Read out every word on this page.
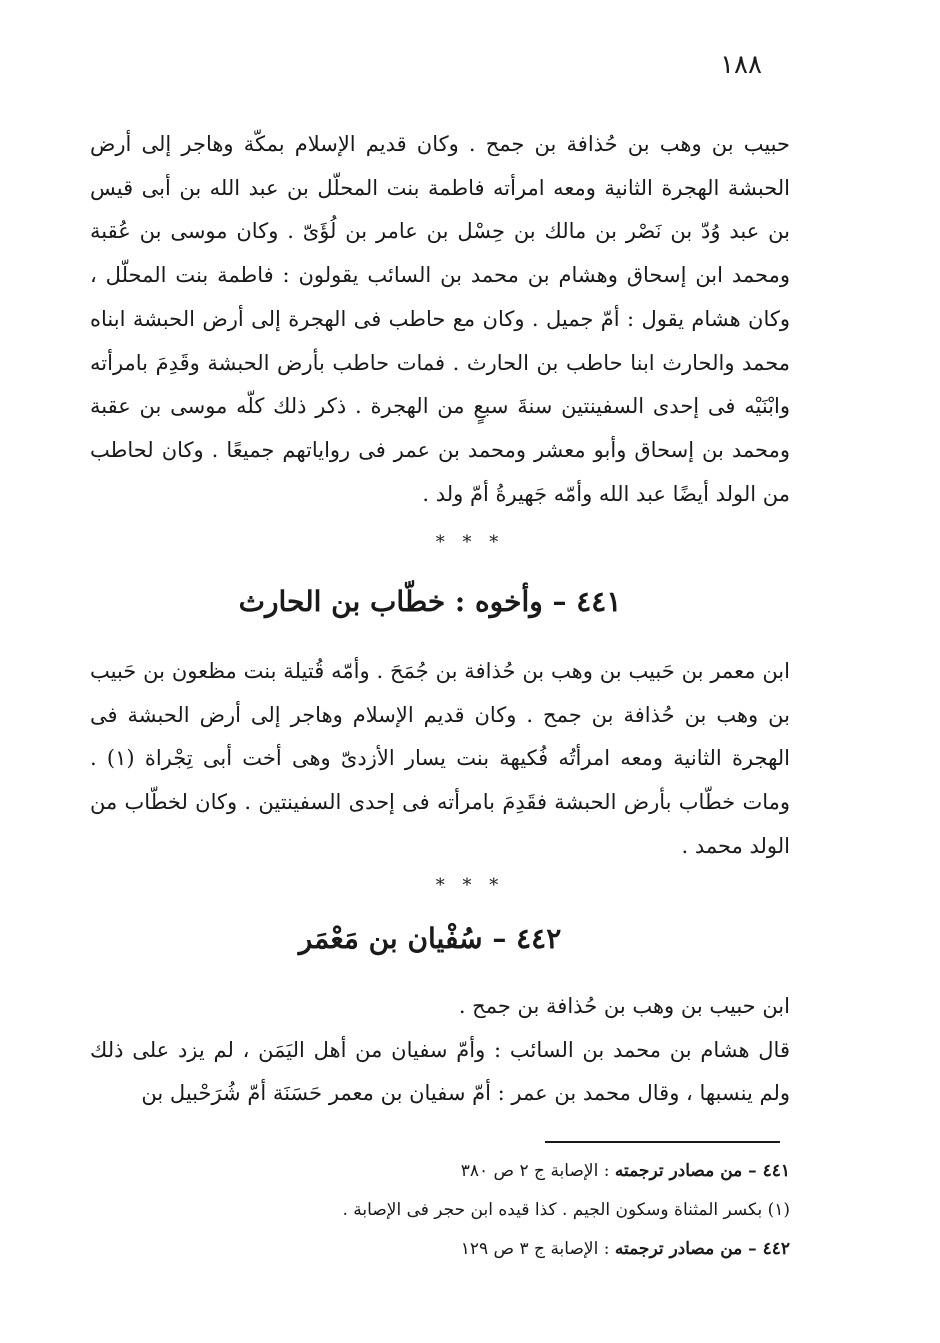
١٨٨

حبيب بن وهب بن حُذافة بن جمح . وكان قديم الإسلام بمكّة وهاجر إلى أرض الحبشة الهجرة الثانية ومعه امرأته فاطمة بنت المحلّل بن عبد الله بن أبى قيس بن عبد وُدّ بن نَصْر بن مالك بن حِسْل بن عامر بن لُؤَىّ . وكان موسى بن عُقبة ومحمد ابن إسحاق وهشام بن محمد بن السائب يقولون : فاطمة بنت المحلّل ، وكان هشام يقول : أمّ جميل . وكان مع حاطب فى الهجرة إلى أرض الحبشة ابناه محمد والحارث ابنا حاطب بن الحارث . فمات حاطب بأرض الحبشة وقَدِمَ بامرأته وابْنَيْه فى إحدى السفينتين سنةَ سبعٍ من الهجرة . ذكر ذلك كلّه موسى بن عقبة ومحمد بن إسحاق وأبو معشر ومحمد بن عمر فى رواياتهم جميعًا . وكان لحاطب من الولد أيضًا عبد الله وأمّه جَهيرةُ أمّ ولد .

* * *
٤٤١ – وأخوه : خطّاب بن الحارث

ابن معمر بن حَبيب بن وهب بن حُذافة بن جُمَحَ . وأمّه قُتيلة بنت مظعون بن حَبيب بن وهب بن حُذافة بن جمح . وكان قديم الإسلام وهاجر إلى أرض الحبشة فى الهجرة الثانية ومعه امرأتُه فُكيهة بنت يسار الأزدىّ وهى أخت أبى تِجْراة (١) . ومات خطّاب بأرض الحبشة فقَدِمَ بامرأته فى إحدى السفينتين . وكان لخطّاب من الولد محمد .

* * *
٤٤٢ – سُفْيان بن مَعْمَر

ابن حبيب بن وهب بن حُذافة بن جمح .

قال هشام بن محمد بن السائب : وأمّ سفيان من أهل اليَمَن ، لم يزد على ذلك ولم ينسبها ، وقال محمد بن عمر : أمّ سفيان بن معمر حَسَنَة أمّ شُرَحْبيل بن

٤٤١ – من مصادر ترجمته : الإصابة ج ٢ ص ٣٨٠

(١) بكسر المثناة وسكون الجيم . كذا قيده ابن حجر فى الإصابة .

٤٤٢ – من مصادر ترجمته : الإصابة ج ٣ ص ١٢٩
